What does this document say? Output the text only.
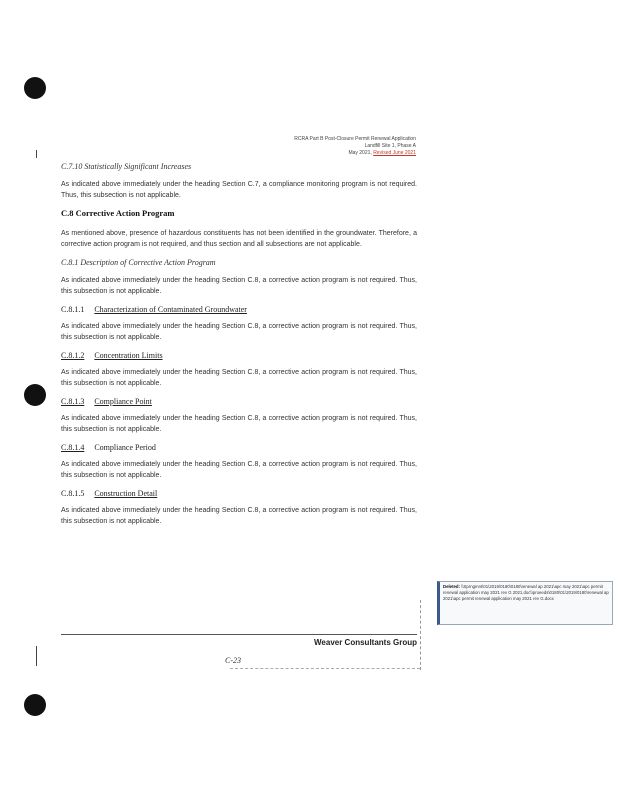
RCRA Part B Post-Closure Permit Renewal Application
Landfill Site 1, Phase A
May 2021, Revised June 2021
C.7.10 Statistically Significant Increases

As indicated above immediately under the heading Section C.7, a compliance monitoring program is not required. Thus, this subsection is not applicable.

C.8 Corrective Action Program

As mentioned above, presence of hazardous constituents has not been identified in the groundwater. Therefore, a corrective action program is not required, and thus section and all subsections are not applicable.

C.8.1 Description of Corrective Action Program

As indicated above immediately under the heading Section C.8, a corrective action program is not required. Thus, this subsection is not applicable.

C.8.1.1 Characterization of Contaminated Groundwater

As indicated above immediately under the heading Section C.8, a corrective action program is not required. Thus, this subsection is not applicable.

C.8.1.2 Concentration Limits

As indicated above immediately under the heading Section C.8, a corrective action program is not required. Thus, this subsection is not applicable.

C.8.1.3 Compliance Point

As indicated above immediately under the heading Section C.8, a corrective action program is not required. Thus, this subsection is not applicable.

C.8.1.4 Compliance Period

As indicated above immediately under the heading Section C.8, a corrective action program is not required. Thus, this subsection is not applicable.

C.8.1.5 Construction Detail

As indicated above immediately under the heading Section C.8, a corrective action program is not required. Thus, this subsection is not applicable.

Deleted: \\Sprngmnt\01\2019\0180\0180\renewal ap 2021\apc may 2021\apc permit renewal application may 2021 rev G 2021.doc\\proeeds\0180\01\2019\0180\renewal ap 2021\apc permit renewal application may 2021 rev G.docx
Weaver Consultants Group
C-23
